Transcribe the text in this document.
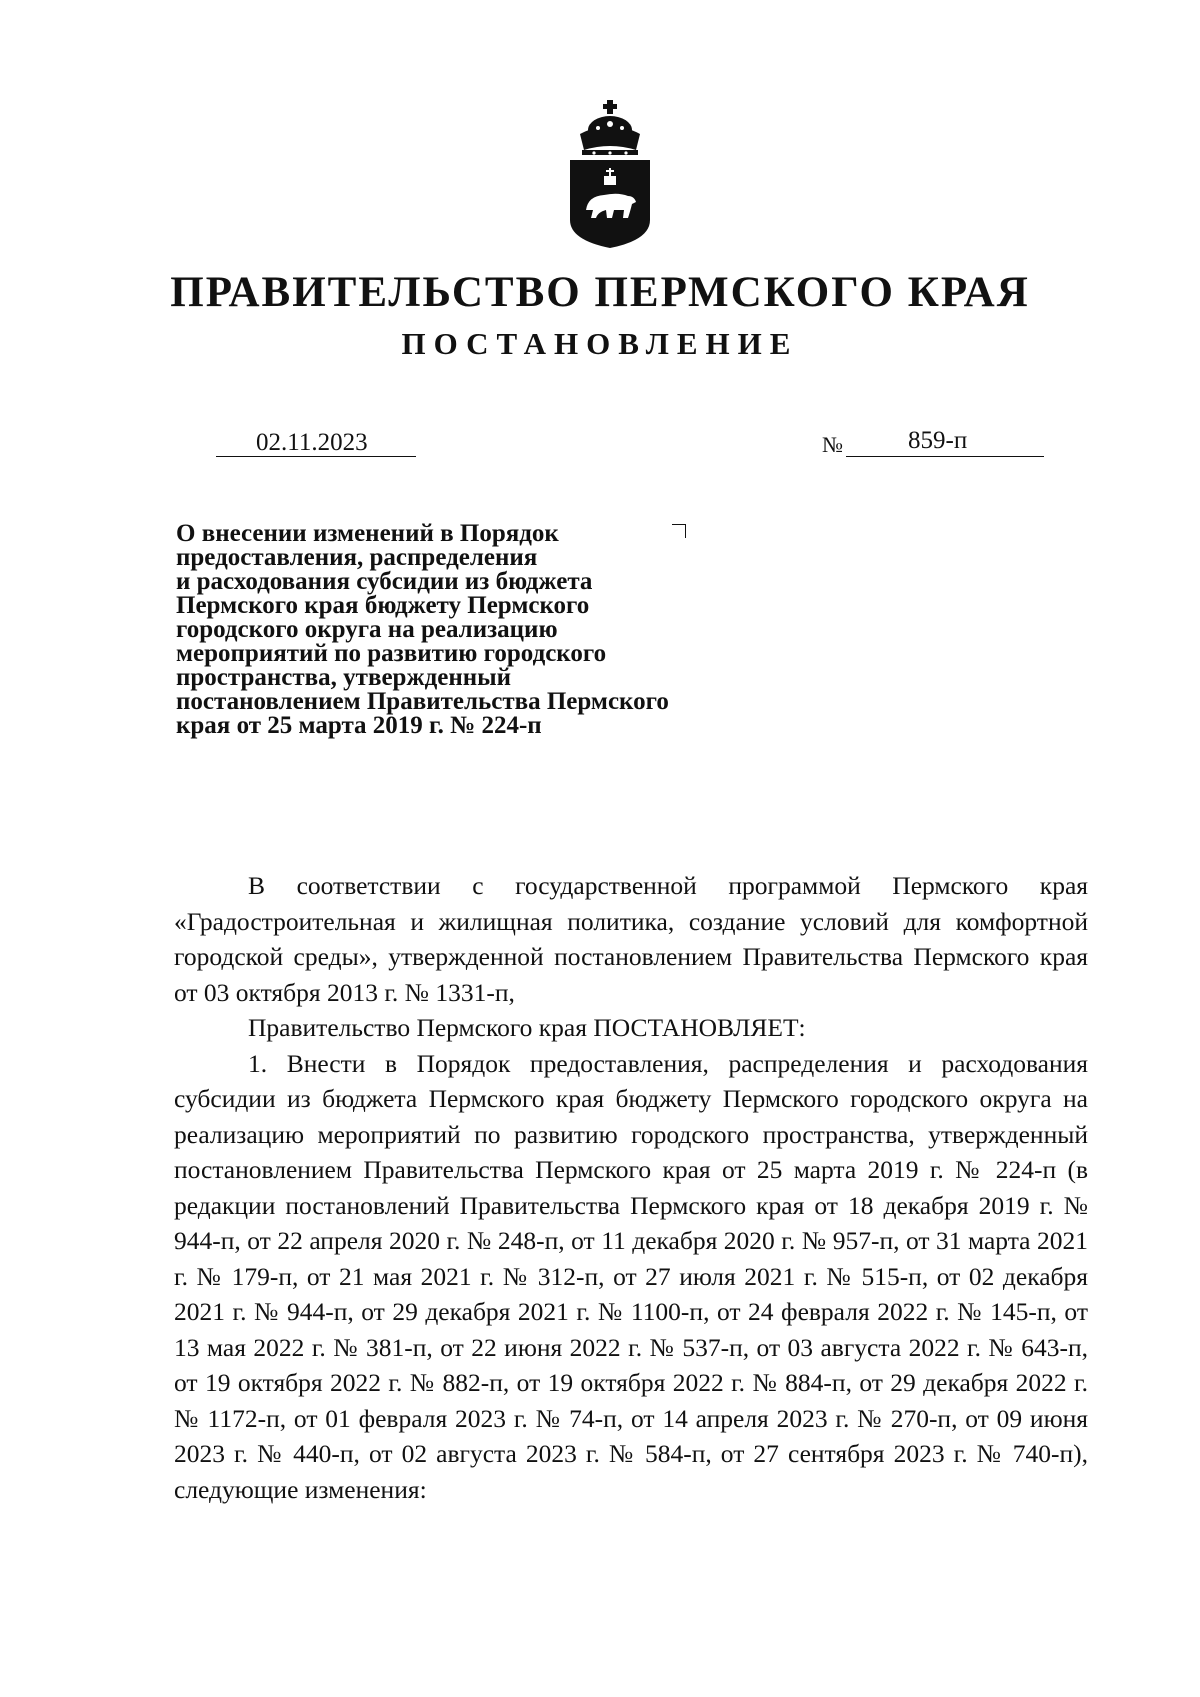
ПРАВИТЕЛЬСТВО ПЕРМСКОГО КРАЯ
ПОСТАНОВЛЕНИЕ
02.11.2023	№	859-п
О внесении изменений в Порядок
предоставления, распределения
и расходования субсидии из бюджета
Пермского края бюджету Пермского
городского округа на реализацию
мероприятий по развитию городского
пространства, утвержденный
постановлением Правительства Пермского
края от 25 марта 2019 г. № 224-п

В соответствии с государственной программой Пермского края «Градостроительная и жилищная политика, создание условий для комфортной городской среды», утвержденной постановлением Правительства Пермского края от 03 октября 2013 г. № 1331-п,

Правительство Пермского края ПОСТАНОВЛЯЕТ:

1. Внести в Порядок предоставления, распределения и расходования субсидии из бюджета Пермского края бюджету Пермского городского округа на реализацию мероприятий по развитию городского пространства, утвержденный постановлением Правительства Пермского края от 25 марта 2019 г. № 224-п (в редакции постановлений Правительства Пермского края от 18 декабря 2019 г. № 944-п, от 22 апреля 2020 г. № 248-п, от 11 декабря 2020 г. № 957-п, от 31 марта 2021 г. № 179-п, от 21 мая 2021 г. № 312-п, от 27 июля 2021 г. № 515-п, от 02 декабря 2021 г. № 944-п, от 29 декабря 2021 г. № 1100-п, от 24 февраля 2022 г. № 145-п, от 13 мая 2022 г. № 381-п, от 22 июня 2022 г. № 537-п, от 03 августа 2022 г. № 643-п, от 19 октября 2022 г. № 882-п, от 19 октября 2022 г. № 884-п, от 29 декабря 2022 г. № 1172-п, от 01 февраля 2023 г. № 74-п, от 14 апреля 2023 г. № 270-п, от 09 июня 2023 г. № 440-п, от 02 августа 2023 г. № 584-п, от 27 сентября 2023 г. № 740-п), следующие изменения:
